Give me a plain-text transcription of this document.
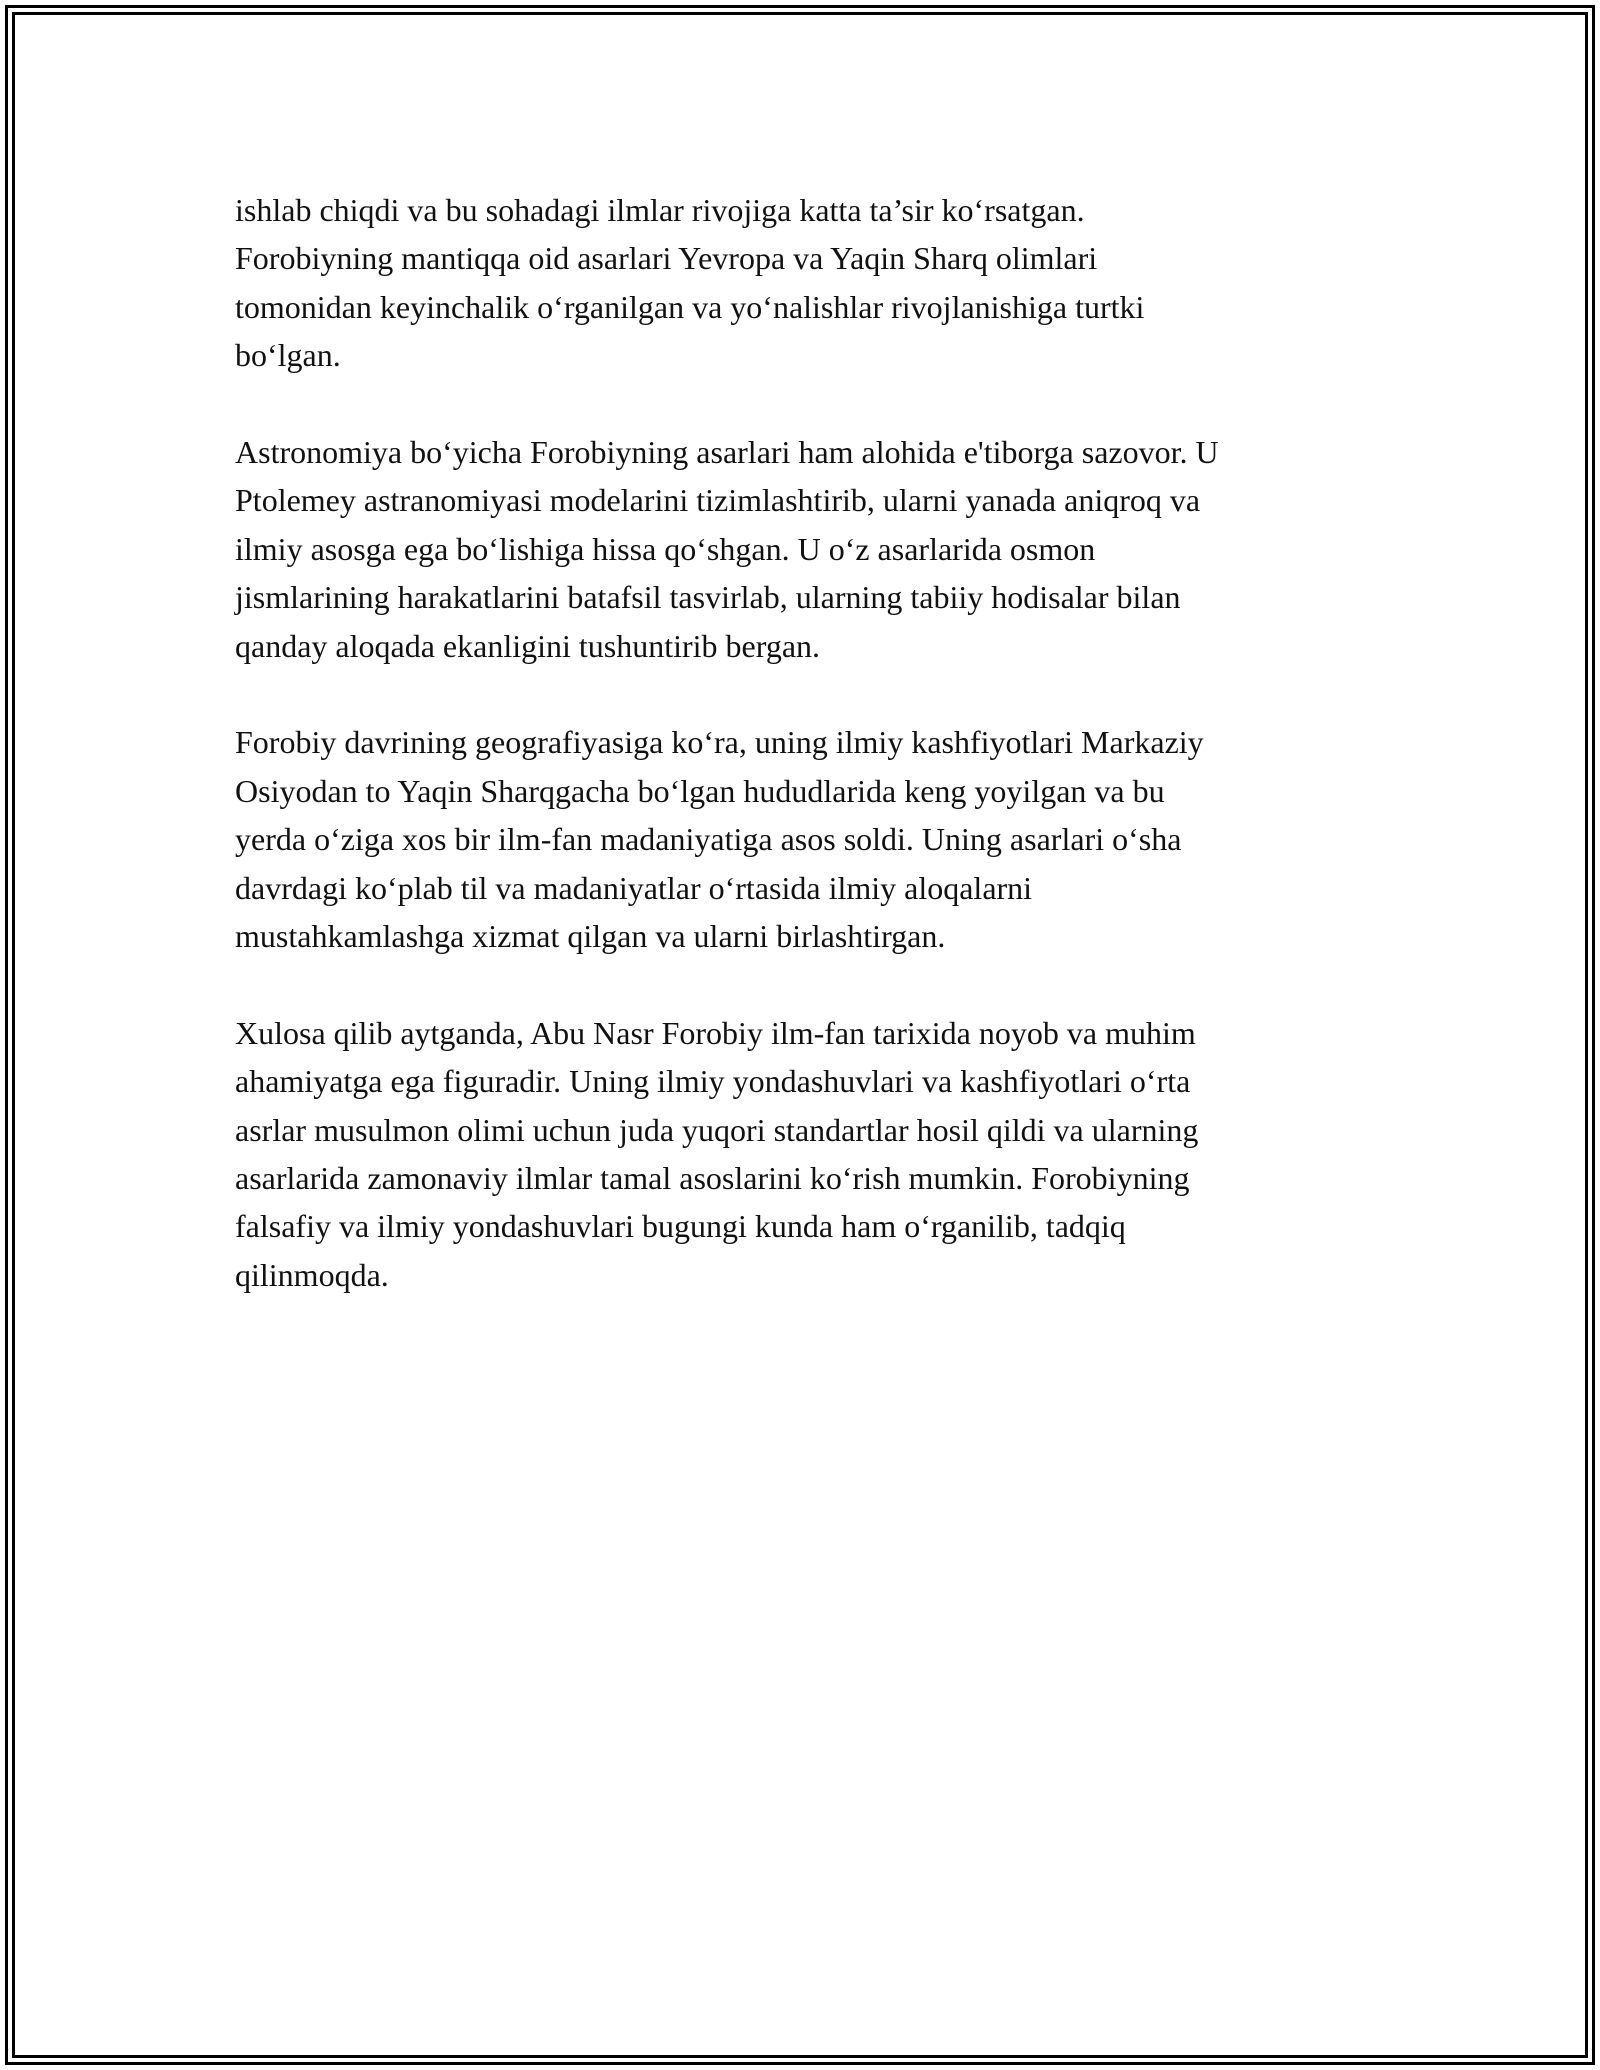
ishlab chiqdi va bu sohadagi ilmlar rivojiga katta ta’sir ko‘rsatgan.
Forobiyning mantiqqa oid asarlari Yevropa va Yaqin Sharq olimlari
tomonidan keyinchalik o‘rganilgan va yo‘nalishlar rivojlanishiga turtki
bo‘lgan.

Astronomiya bo‘yicha Forobiyning asarlari ham alohida e'tiborga sazovor. U
Ptolemey astranomiyasi modelarini tizimlashtirib, ularni yanada aniqroq va
ilmiy asosga ega bo‘lishiga hissa qo‘shgan. U o‘z asarlarida osmon
jismlarining harakatlarini batafsil tasvirlab, ularning tabiiy hodisalar bilan
qanday aloqada ekanligini tushuntirib bergan.

Forobiy davrining geografiyasiga ko‘ra, uning ilmiy kashfiyotlari Markaziy
Osiyodan to Yaqin Sharqgacha bo‘lgan hududlarida keng yoyilgan va bu
yerda o‘ziga xos bir ilm-fan madaniyatiga asos soldi. Uning asarlari o‘sha
davrdagi ko‘plab til va madaniyatlar o‘rtasida ilmiy aloqalarni
mustahkamlashga xizmat qilgan va ularni birlashtirgan.

Xulosa qilib aytganda, Abu Nasr Forobiy ilm-fan tarixida noyob va muhim
ahamiyatga ega figuradir. Uning ilmiy yondashuvlari va kashfiyotlari o‘rta
asrlar musulmon olimi uchun juda yuqori standartlar hosil qildi va ularning
asarlarida zamonaviy ilmlar tamal asoslarini ko‘rish mumkin. Forobiyning
falsafiy va ilmiy yondashuvlari bugungi kunda ham o‘rganilib, tadqiq
qilinmoqda.
